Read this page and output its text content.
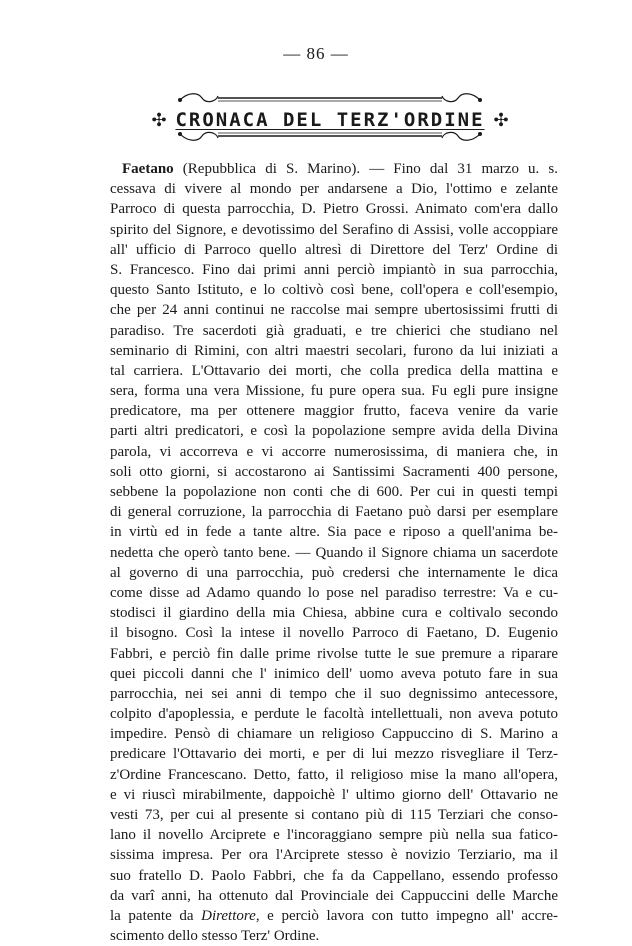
— 86 —
✣ CRONACA DEL TERZ'ORDINE ✣
Faetano (Repubblica di S. Marino). — Fino dal 31 marzo u. s.
cessava di vivere al mondo per andarsene a Dio, l'ottimo e zelante
Parroco di questa parrocchia, D. Pietro Grossi. Animato com'era dallo
spirito del Signore, e devotissimo del Serafino di Assisi, volle accoppiare
all' ufficio di Parroco quello altresì di Direttore del Terz' Ordine di
S. Francesco. Fino dai primi anni perciò impiantò in sua parrocchia,
questo Santo Istituto, e lo coltivò così bene, coll'opera e coll'esempio,
che per 24 anni continui ne raccolse mai sempre ubertosissimi frutti di
paradiso. Tre sacerdoti già graduati, e tre chierici che studiano nel
seminario di Rimini, con altri maestri secolari, furono da lui iniziati a
tal carriera. L'Ottavario dei morti, che colla predica della mattina e
sera, forma una vera Missione, fu pure opera sua. Fu egli pure insigne
predicatore, ma per ottenere maggior frutto, faceva venire da varie
parti altri predicatori, e così la popolazione sempre avida della Divina
parola, vi accorreva e vi accorre numerosissima, di maniera che, in
soli otto giorni, si accostarono ai Santissimi Sacramenti 400 persone,
sebbene la popolazione non conti che di 600. Per cui in questi tempi
di general corruzione, la parrocchia di Faetano può darsi per esemplare
in virtù ed in fede a tante altre. Sia pace e riposo a quell'anima be-
nedetta che operò tanto bene. — Quando il Signore chiama un sacerdote
al governo di una parrocchia, può credersi che internamente le dica
come disse ad Adamo quando lo pose nel paradiso terrestre: Va e cu-
stodisci il giardino della mia Chiesa, abbine cura e coltivalo secondo
il bisogno. Così la intese il novello Parroco di Faetano, D. Eugenio
Fabbri, e perciò fin dalle prime rivolse tutte le sue premure a riparare
quei piccoli danni che l' inimico dell' uomo aveva potuto fare in sua
parrocchia, nei sei anni di tempo che il suo degnissimo antecessore,
colpito d'apoplessia, e perdute le facoltà intellettuali, non aveva potuto
impedire. Pensò di chiamare un religioso Cappuccino di S. Marino a
predicare l'Ottavario dei morti, e per di lui mezzo risvegliare il Terz-
z'Ordine Francescano. Detto, fatto, il religioso mise la mano all'opera,
e vi riuscì mirabilmente, dappoichè l' ultimo giorno dell' Ottavario ne
vesti 73, per cui al presente si contano più di 115 Terziari che conso-
lano il novello Arciprete e l'incoraggiano sempre più nella sua fatico-
sissima impresa. Per ora l'Arciprete stesso è novizio Terziario, ma il
suo fratello D. Paolo Fabbri, che fa da Cappellano, essendo professo
da varî anni, ha ottenuto dal Provinciale dei Cappuccini delle Marche
la patente da Direttore, e perciò lavora con tutto impegno all' accre-
scimento dello stesso Terz' Ordine.
